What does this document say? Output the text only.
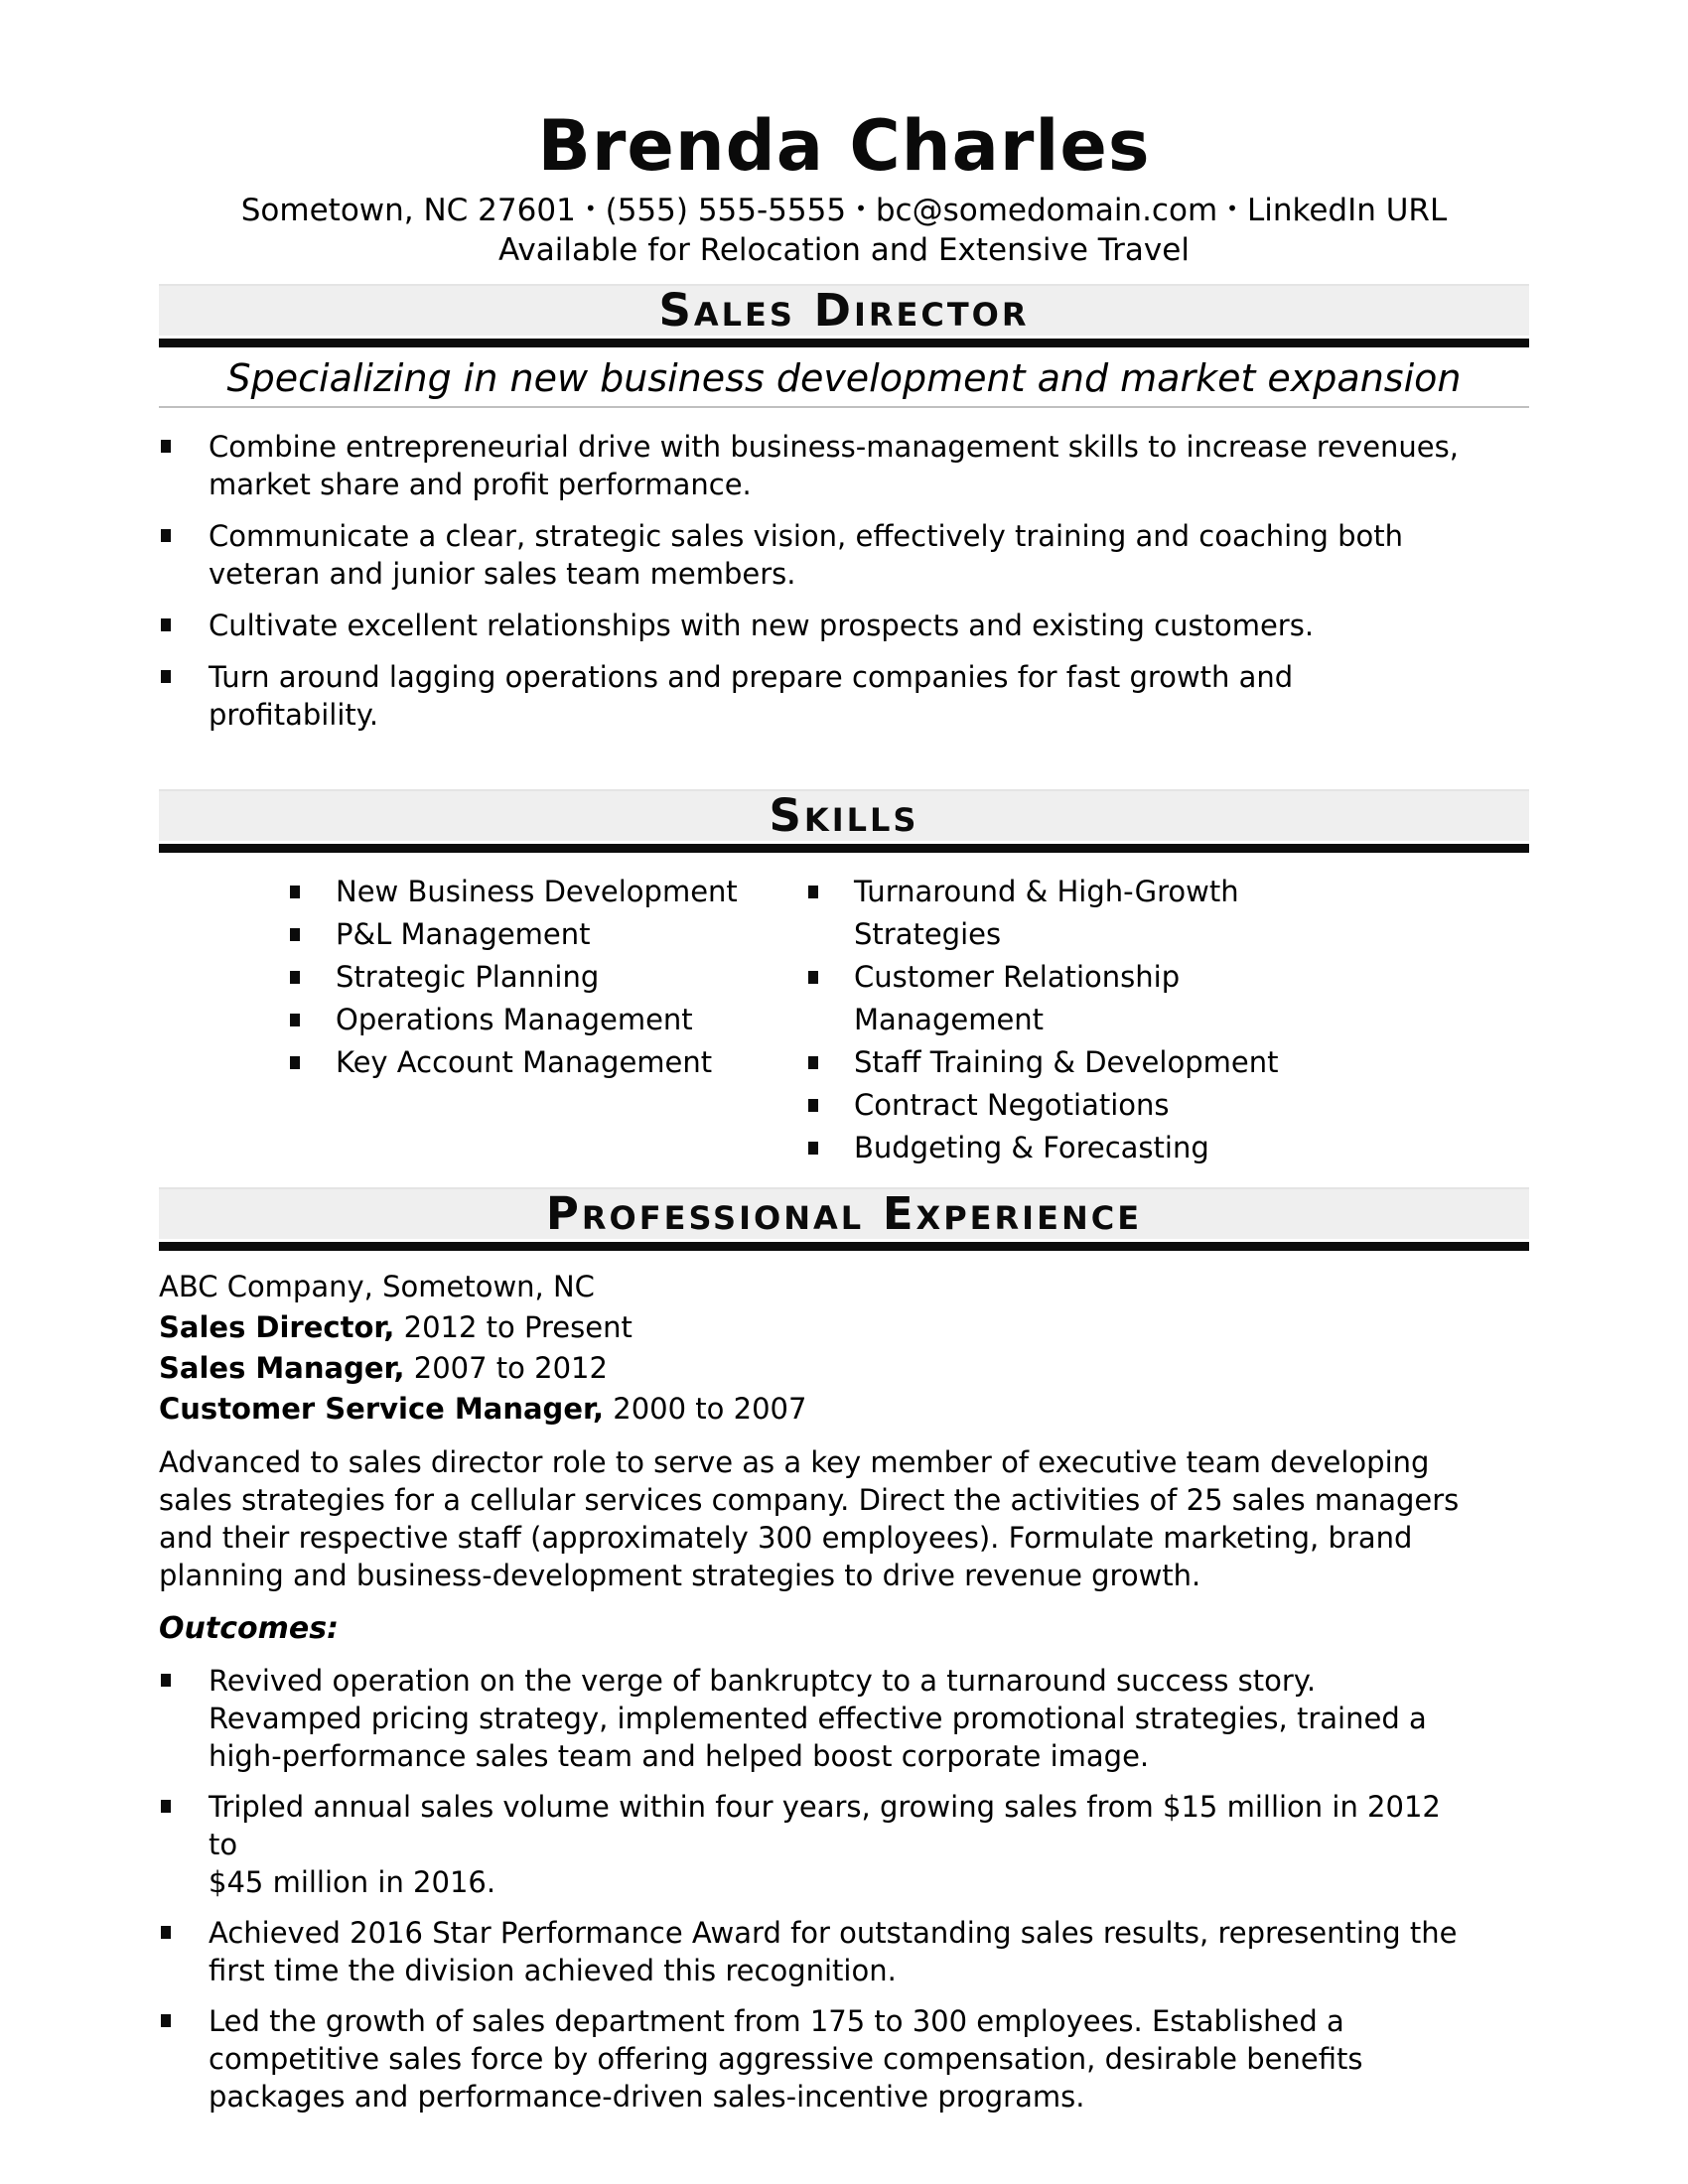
Brenda Charles
Sometown, NC 27601 • (555) 555-5555 • bc@somedomain.com • LinkedIn URL
Available for Relocation and Extensive Travel
Sales Director
Specializing in new business development and market expansion
Combine entrepreneurial drive with business-management skills to increase revenues,
market share and profit performance.
Communicate a clear, strategic sales vision, effectively training and coaching both
veteran and junior sales team members.
Cultivate excellent relationships with new prospects and existing customers.
Turn around lagging operations and prepare companies for fast growth and
profitability.
Skills
New Business Development
P&L Management
Strategic Planning
Operations Management
Key Account Management
Turnaround & High-Growth
Strategies
Customer Relationship
Management
Staff Training & Development
Contract Negotiations
Budgeting & Forecasting
Professional Experience
ABC Company, Sometown, NC
Sales Director, 2012 to Present
Sales Manager, 2007 to 2012
Customer Service Manager, 2000 to 2007
Advanced to sales director role to serve as a key member of executive team developing
sales strategies for a cellular services company. Direct the activities of 25 sales managers
and their respective staff (approximately 300 employees). Formulate marketing, brand
planning and business-development strategies to drive revenue growth.
Outcomes:
Revived operation on the verge of bankruptcy to a turnaround success story.
Revamped pricing strategy, implemented effective promotional strategies, trained a
high-performance sales team and helped boost corporate image.
Tripled annual sales volume within four years, growing sales from $15 million in 2012
to
$45 million in 2016.
Achieved 2016 Star Performance Award for outstanding sales results, representing the
first time the division achieved this recognition.
Led the growth of sales department from 175 to 300 employees. Established a
competitive sales force by offering aggressive compensation, desirable benefits
packages and performance-driven sales-incentive programs.
